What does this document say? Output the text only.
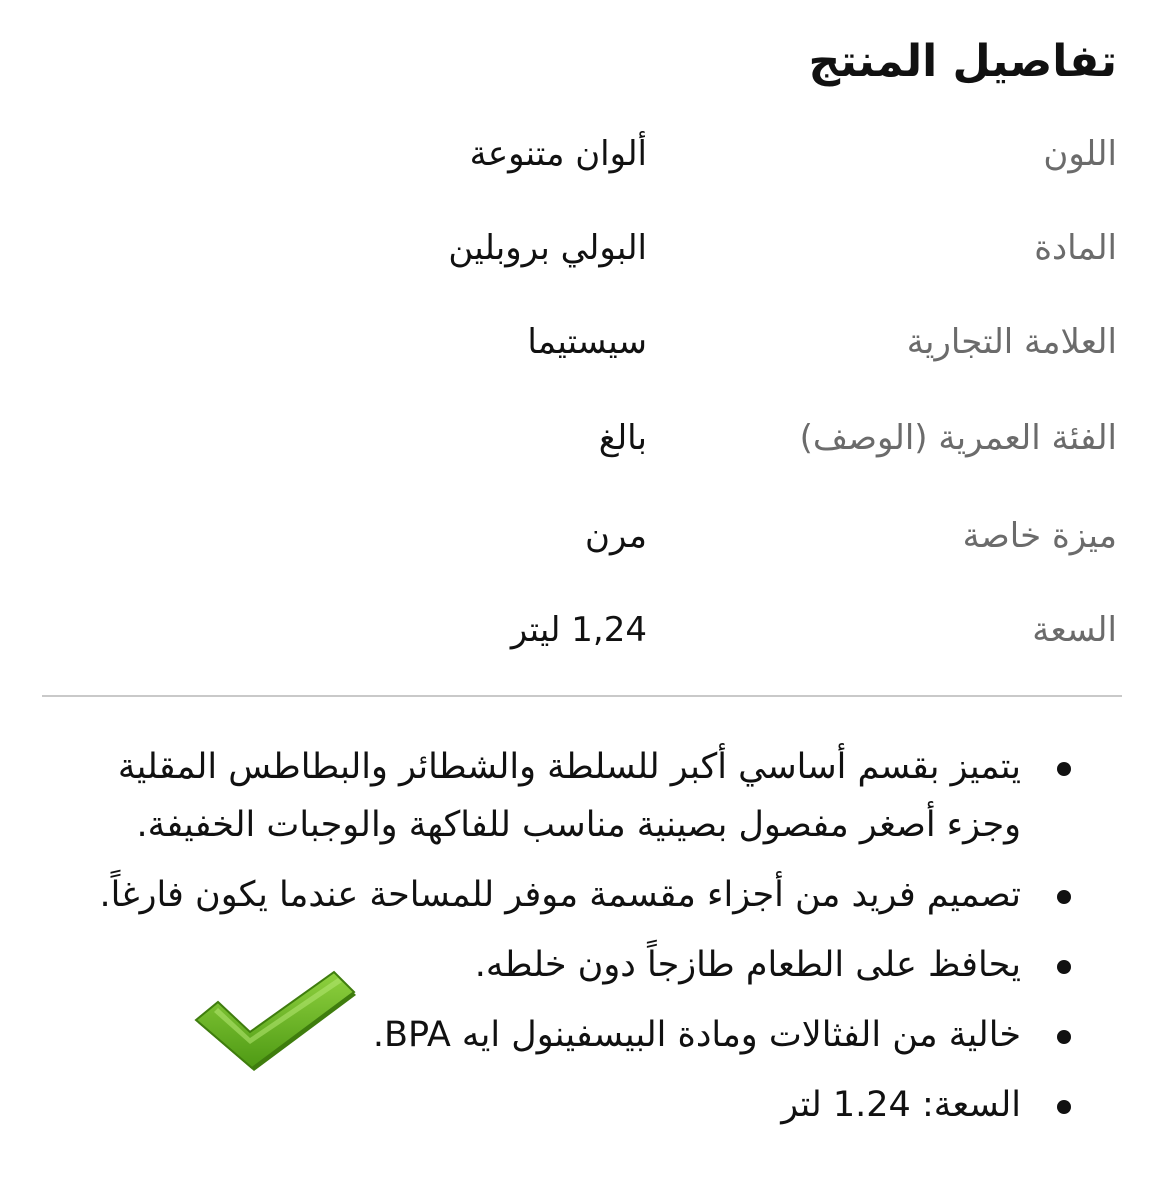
تفاصيل المنتج
اللون
ألوان متنوعة
المادة
البولي بروبلين
العلامة التجارية
سيستيما
الفئة العمرية (الوصف)
بالغ
ميزة خاصة
مرن
السعة
1,24 ليتر
يتميز بقسم أساسي أكبر للسلطة والشطائر والبطاطس المقلية وجزء أصغر مفصول بصينية مناسب للفاكهة والوجبات الخفيفة.
تصميم فريد من أجزاء مقسمة موفر للمساحة عندما يكون فارغاً.
يحافظ على الطعام طازجاً دون خلطه.
خالية من الفثالات ومادة البيسفينول ايه BPA.
السعة: 1.24 لتر
